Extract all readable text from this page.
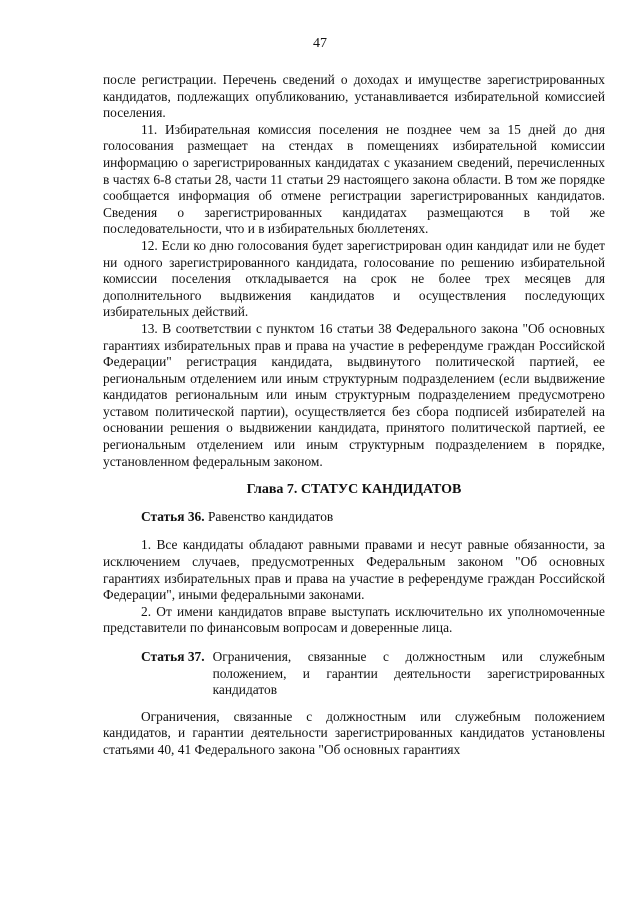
47

после регистрации. Перечень сведений о доходах и имуществе зарегистрированных кандидатов, подлежащих опубликованию, устанавливается избирательной комиссией поселения.

11. Избирательная комиссия поселения не позднее чем за 15 дней до дня голосования размещает на стендах в помещениях избирательной комиссии информацию о зарегистрированных кандидатах с указанием сведений, перечисленных в частях 6-8 статьи 28, части 11 статьи 29 настоящего закона области. В том же порядке сообщается информация об отмене регистрации зарегистрированных кандидатов. Сведения о зарегистрированных кандидатах размещаются в той же последовательности, что и в избирательных бюллетенях.

12. Если ко дню голосования будет зарегистрирован один кандидат или не будет ни одного зарегистрированного кандидата, голосование по решению избирательной комиссии поселения откладывается на срок не более трех месяцев для дополнительного выдвижения кандидатов и осуществления последующих избирательных действий.

13. В соответствии с пунктом 16 статьи 38 Федерального закона "Об основных гарантиях избирательных прав и права на участие в референдуме граждан Российской Федерации" регистрация кандидата, выдвинутого политической партией, ее региональным отделением или иным структурным подразделением (если выдвижение кандидатов региональным или иным структурным подразделением предусмотрено уставом политической партии), осуществляется без сбора подписей избирателей на основании решения о выдвижении кандидата, принятого политической партией, ее региональным отделением или иным структурным подразделением в порядке, установленном федеральным законом.

Глава 7. СТАТУС КАНДИДАТОВ

Статья 36. Равенство кандидатов

1. Все кандидаты обладают равными правами и несут равные обязанности, за исключением случаев, предусмотренных Федеральным законом "Об основных гарантиях избирательных прав и права на участие в референдуме граждан Российской Федерации", иными федеральными законами.

2. От имени кандидатов вправе выступать исключительно их уполномоченные представители по финансовым вопросам и доверенные лица.

Статья 37. Ограничения, связанные с должностным или служебным положением, и гарантии деятельности зарегистрированных кандидатов

Ограничения, связанные с должностным или служебным положением кандидатов, и гарантии деятельности зарегистрированных кандидатов установлены статьями 40, 41 Федерального закона "Об основных гарантиях
